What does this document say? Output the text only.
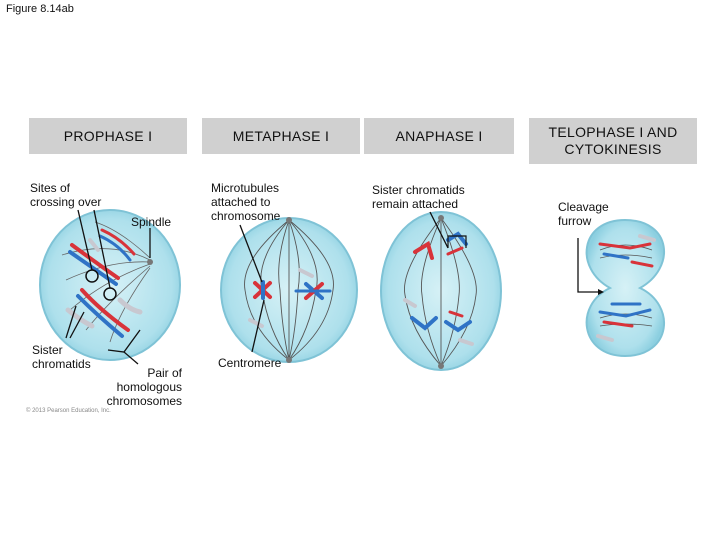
Figure 8.14ab
PROPHASE I	METAPHASE I	ANAPHASE I	TELOPHASE I AND
CYTOKINESIS
Sites of
crossing over
Spindle
Sister
chromatids
Pair of
homologous
chromosomes
Microtubules
attached to
chromosome
Centromere
Sister chromatids
remain attached	Cleavage
furrow
© 2013 Pearson Education, Inc.
